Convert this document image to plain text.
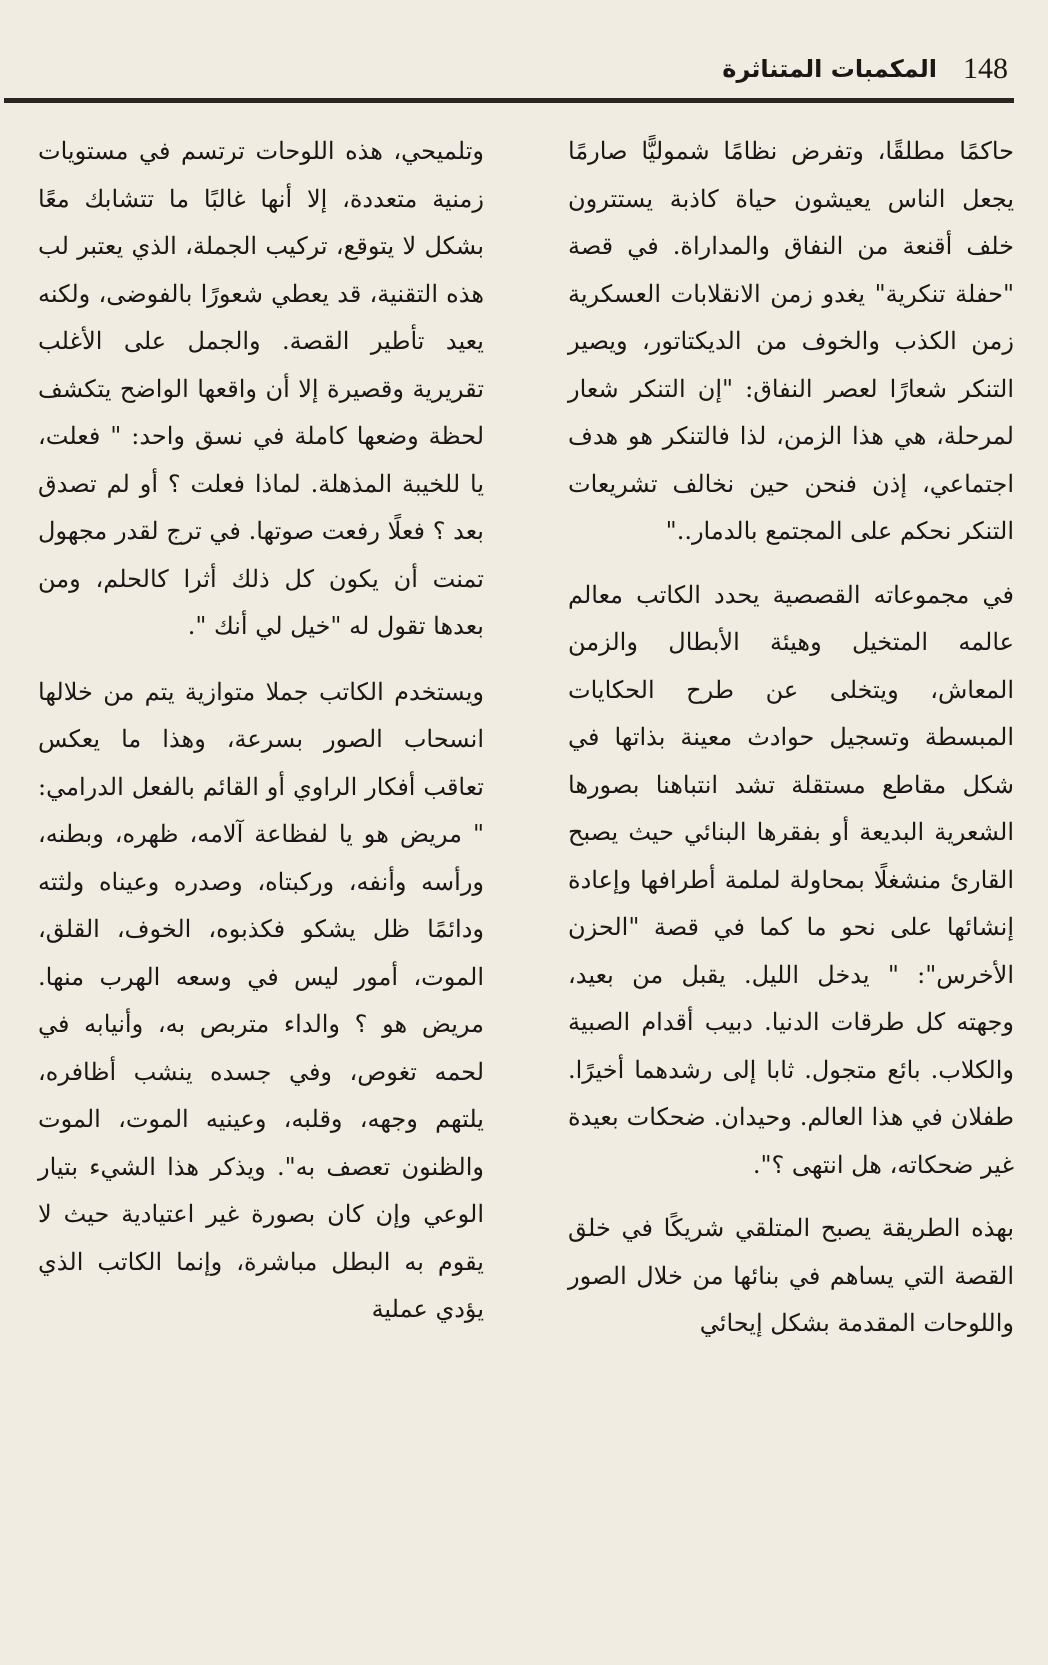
المكمبات المتناثرة 148

حاكمًا مطلقًا، وتفرض نظامًا شموليًّا صارمًا يجعل الناس يعيشون حياة كاذبة يستترون خلف أقنعة من النفاق والمداراة. في قصة "حفلة تنكرية" يغدو زمن الانقلابات العسكرية زمن الكذب والخوف من الديكتاتور، ويصير التنكر شعارًا لعصر النفاق: "إن التنكر شعار لمرحلة، هي هذا الزمن، لذا فالتنكر هو هدف اجتماعي، إذن فنحن حين نخالف تشريعات التنكر نحكم على المجتمع بالدمار.."

في مجموعاته القصصية يحدد الكاتب معالم عالمه المتخيل وهيئة الأبطال والزمن المعاش، ويتخلى عن طرح الحكايات المبسطة وتسجيل حوادث معينة بذاتها في شكل مقاطع مستقلة تشد انتباهنا بصورها الشعرية البديعة أو بفقرها البنائي حيث يصبح القارئ منشغلًا بمحاولة لملمة أطرافها وإعادة إنشائها على نحو ما كما في قصة "الحزن الأخرس": " يدخل الليل. يقبل من بعيد، وجهته كل طرقات الدنيا. دبيب أقدام الصبية والكلاب. بائع متجول. ثابا إلى رشدهما أخيرًا. طفلان في هذا العالم. وحيدان. ضحكات بعيدة غير ضحكاته، هل انتهى ؟".

بهذه الطريقة يصبح المتلقي شريكًا في خلق القصة التي يساهم في بنائها من خلال الصور واللوحات المقدمة بشكل إيحائي

وتلميحي، هذه اللوحات ترتسم في مستويات زمنية متعددة، إلا أنها غالبًا ما تتشابك معًا بشكل لا يتوقع، تركيب الجملة، الذي يعتبر لب هذه التقنية، قد يعطي شعورًا بالفوضى، ولكنه يعيد تأطير القصة. والجمل على الأغلب تقريرية وقصيرة إلا أن واقعها الواضح يتكشف لحظة وضعها كاملة في نسق واحد: " فعلت، يا للخيبة المذهلة. لماذا فعلت ؟ أو لم تصدق بعد ؟ فعلًا رفعت صوتها. في ترج لقدر مجهول تمنت أن يكون كل ذلك أثرا كالحلم، ومن بعدها تقول له "خيل لي أنك ".

ويستخدم الكاتب جملا متوازية يتم من خلالها انسحاب الصور بسرعة، وهذا ما يعكس تعاقب أفكار الراوي أو القائم بالفعل الدرامي: " مريض هو يا لفظاعة آلامه، ظهره، وبطنه، ورأسه وأنفه، وركبتاه، وصدره وعيناه ولثته ودائمًا ظل يشكو فكذبوه، الخوف، القلق، الموت، أمور ليس في وسعه الهرب منها. مريض هو ؟ والداء متربص به، وأنيابه في لحمه تغوص، وفي جسده ينشب أظافره، يلتهم وجهه، وقلبه، وعينيه الموت، الموت والظنون تعصف به". ويذكر هذا الشيء بتيار الوعي وإن كان بصورة غير اعتيادية حيث لا يقوم به البطل مباشرة، وإنما الكاتب الذي يؤدي عملية
